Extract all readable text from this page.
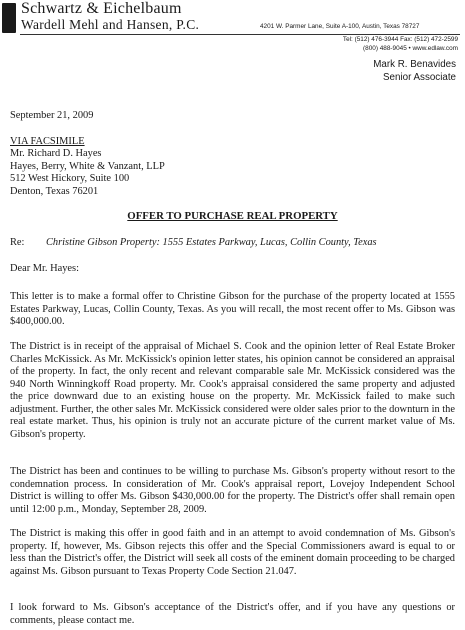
Schwartz & Eichelbaum
Wardell Mehl and Hansen, P.C.	4201 W. Parmer Lane, Suite A-100, Austin, Texas 78727
Tel: (512) 476-3944 Fax: (512) 472-2599
(800) 488-9045 • www.edlaw.com
Mark R. Benavides
Senior Associate
September 21, 2009
VIA FACSIMILE
Mr. Richard D. Hayes
Hayes, Berry, White & Vanzant, LLP
512 West Hickory, Suite 100
Denton, Texas 76201
OFFER TO PURCHASE REAL PROPERTY
Re: Christine Gibson Property: 1555 Estates Parkway, Lucas, Collin County, Texas
Dear Mr. Hayes:
This letter is to make a formal offer to Christine Gibson for the purchase of the property located at 1555 Estates Parkway, Lucas, Collin County, Texas. As you will recall, the most recent offer to Ms. Gibson was $400,000.00.
The District is in receipt of the appraisal of Michael S. Cook and the opinion letter of Real Estate Broker Charles McKissick. As Mr. McKissick's opinion letter states, his opinion cannot be considered an appraisal of the property. In fact, the only recent and relevant comparable sale Mr. McKissick considered was the 940 North Winningkoff Road property. Mr. Cook's appraisal considered the same property and adjusted the price downward due to an existing house on the property. Mr. McKissick failed to make such adjustment. Further, the other sales Mr. McKissick considered were older sales prior to the downturn in the real estate market. Thus, his opinion is truly not an accurate picture of the current market value of Ms. Gibson's property.
The District has been and continues to be willing to purchase Ms. Gibson's property without resort to the condemnation process. In consideration of Mr. Cook's appraisal report, Lovejoy Independent School District is willing to offer Ms. Gibson $430,000.00 for the property. The District's offer shall remain open until 12:00 p.m., Monday, September 28, 2009.
The District is making this offer in good faith and in an attempt to avoid condemnation of Ms. Gibson's property. If, however, Ms. Gibson rejects this offer and the Special Commissioners award is equal to or less than the District's offer, the District will seek all costs of the eminent domain proceeding to be charged against Ms. Gibson pursuant to Texas Property Code Section 21.047.
I look forward to Ms. Gibson's acceptance of the District's offer, and if you have any questions or comments, please contact me.
